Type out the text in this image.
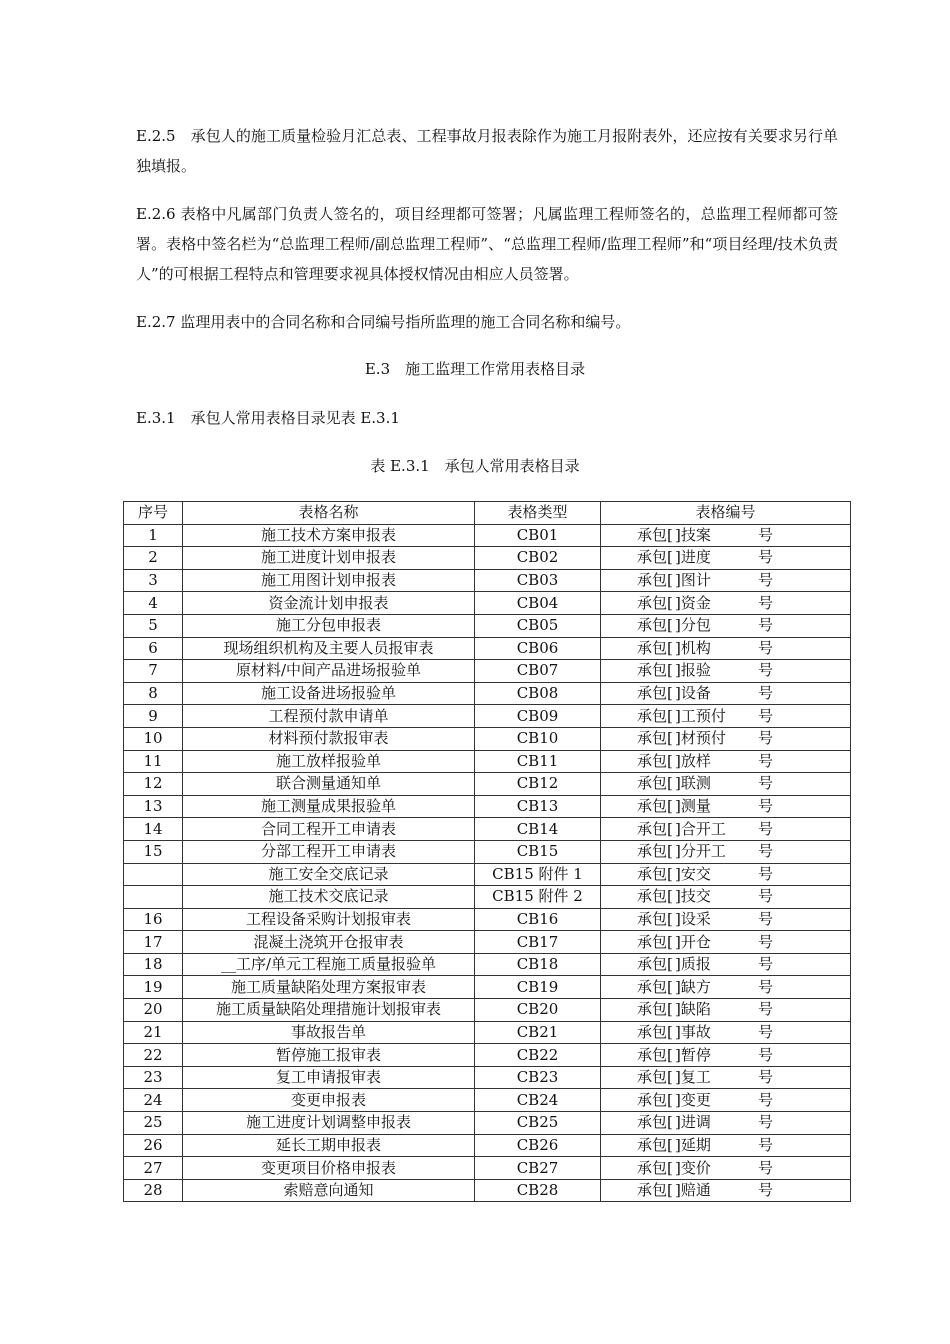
E.2.5　承包人的施工质量检验月汇总表、工程事故月报表除作为施工月报附表外，还应按有关要求另行单独填报。

E.2.6 表格中凡属部门负责人签名的，项目经理都可签署；凡属监理工程师签名的，总监理工程师都可签署。表格中签名栏为“总监理工程师/副总监理工程师”、“总监理工程师/监理工程师”和“项目经理/技术负责人”的可根据工程特点和管理要求视具体授权情况由相应人员签署。

E.2.7 监理用表中的合同名称和合同编号指所监理的施工合同名称和编号。

E.3　施工监理工作常用表格目录

E.3.1　承包人常用表格目录见表 E.3.1

表 E.3.1　承包人常用表格目录

序号	表格名称	表格类型	表格编号
1	施工技术方案申报表	CB01	承包[ ]技案 号
2	施工进度计划申报表	CB02	承包[ ]进度 号
3	施工用图计划申报表	CB03	承包[ ]图计 号
4	资金流计划申报表	CB04	承包[ ]资金 号
5	施工分包申报表	CB05	承包[ ]分包 号
6	现场组织机构及主要人员报审表	CB06	承包[ ]机构 号
7	原材料/中间产品进场报验单	CB07	承包[ ]报验 号
8	施工设备进场报验单	CB08	承包[ ]设备 号
9	工程预付款申请单	CB09	承包[ ]工预付 号
10	材料预付款报审表	CB10	承包[ ]材预付 号
11	施工放样报验单	CB11	承包[ ]放样 号
12	联合测量通知单	CB12	承包[ ]联测 号
13	施工测量成果报验单	CB13	承包[ ]测量 号
14	合同工程开工申请表	CB14	承包[ ]合开工 号
15	分部工程开工申请表	CB15	承包[ ]分开工 号
	施工安全交底记录	CB15 附件 1	承包[ ]安交 号
	施工技术交底记录	CB15 附件 2	承包[ ]技交 号
16	工程设备采购计划报审表	CB16	承包[ ]设采 号
17	混凝土浇筑开仓报审表	CB17	承包[ ]开仓 号
18	__工序/单元工程施工质量报验单	CB18	承包[ ]质报 号
19	施工质量缺陷处理方案报审表	CB19	承包[ ]缺方 号
20	施工质量缺陷处理措施计划报审表	CB20	承包[ ]缺陷 号
21	事故报告单	CB21	承包[ ]事故 号
22	暂停施工报审表	CB22	承包[ ]暂停 号
23	复工申请报审表	CB23	承包[ ]复工 号
24	变更申报表	CB24	承包[ ]变更 号
25	施工进度计划调整申报表	CB25	承包[ ]进调 号
26	延长工期申报表	CB26	承包[ ]延期 号
27	变更项目价格申报表	CB27	承包[ ]变价 号
28	索赔意向通知	CB28	承包[ ]赔通 号
